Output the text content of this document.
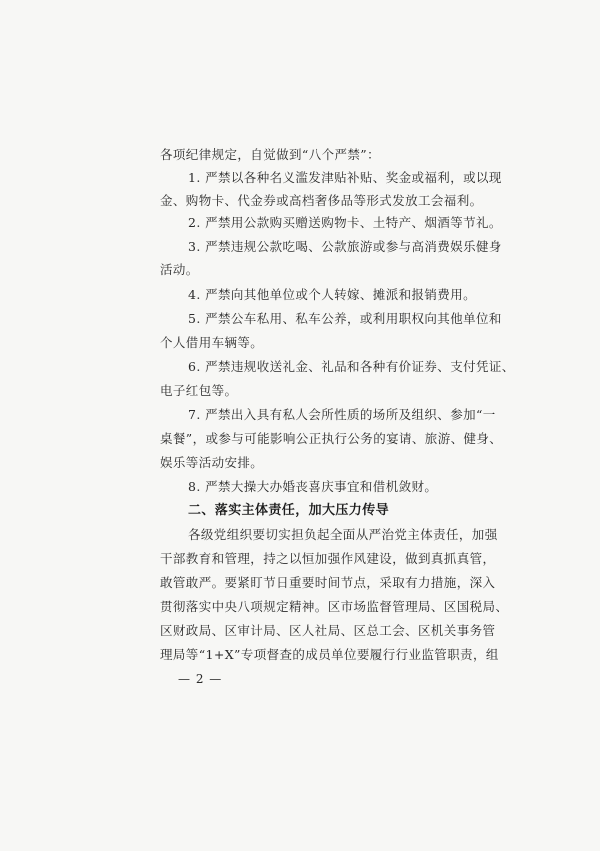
各项纪律规定，自觉做到“八个严禁”：
1. 严禁以各种名义滥发津贴补贴、奖金或福利，或以现
金、购物卡、代金券或高档奢侈品等形式发放工会福利。
2. 严禁用公款购买赠送购物卡、土特产、烟酒等节礼。
3. 严禁违规公款吃喝、公款旅游或参与高消费娱乐健身
活动。
4. 严禁向其他单位或个人转嫁、摊派和报销费用。
5. 严禁公车私用、私车公养，或利用职权向其他单位和
个人借用车辆等。
6. 严禁违规收送礼金、礼品和各种有价证券、支付凭证、
电子红包等。
7. 严禁出入具有私人会所性质的场所及组织、参加“一
桌餐”，或参与可能影响公正执行公务的宴请、旅游、健身、
娱乐等活动安排。
8. 严禁大操大办婚丧喜庆事宜和借机敛财。
二、落实主体责任，加大压力传导
各级党组织要切实担负起全面从严治党主体责任，加强
干部教育和管理，持之以恒加强作风建设，做到真抓真管，
敢管敢严。要紧盯节日重要时间节点，采取有力措施，深入
贯彻落实中央八项规定精神。区市场监督管理局、区国税局、
区财政局、区审计局、区人社局、区总工会、区机关事务管
理局等“1+X”专项督查的成员单位要履行行业监管职责，组
— 2 —
